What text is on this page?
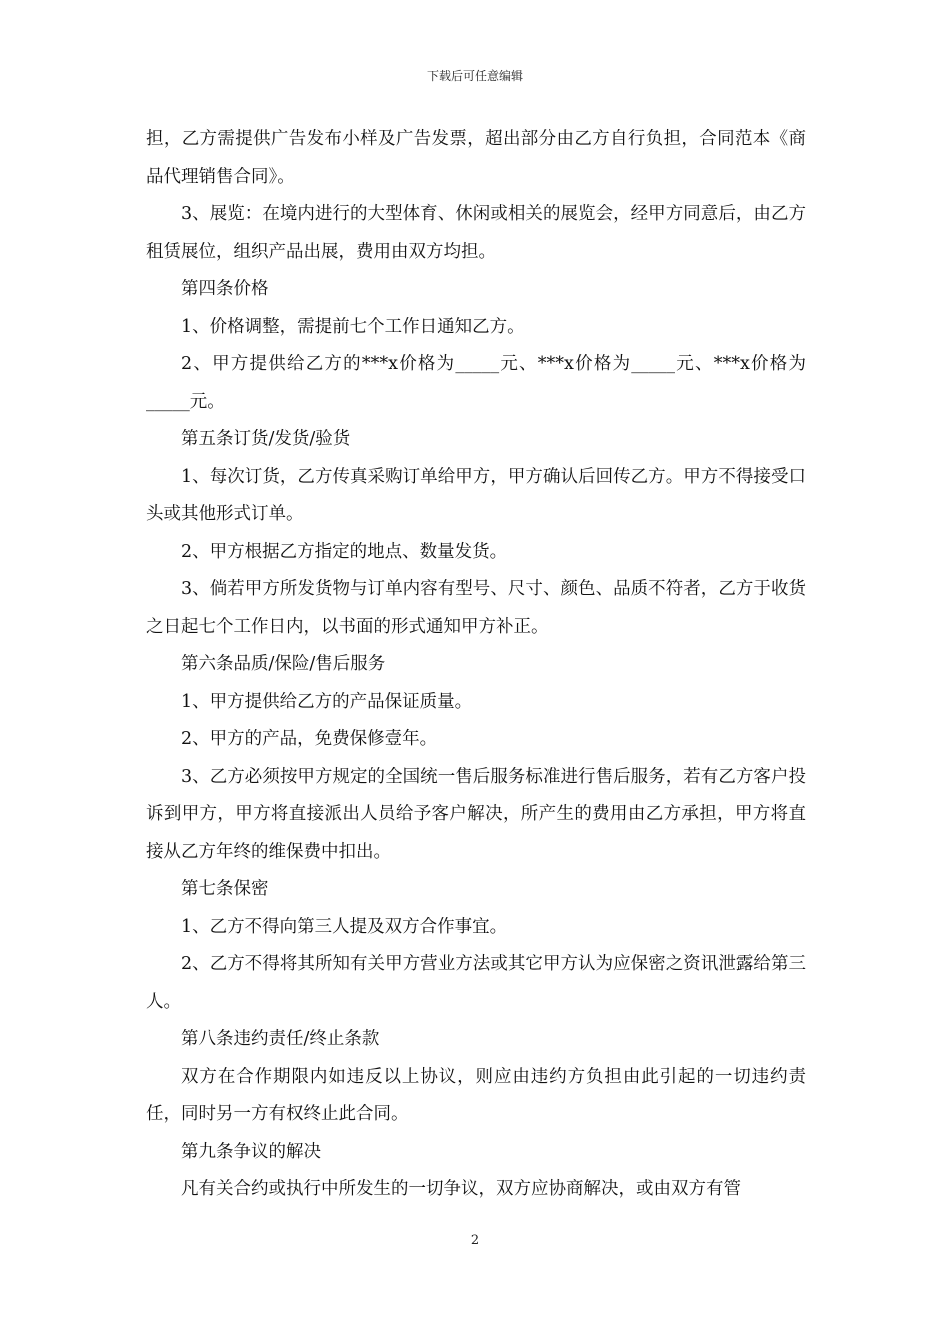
下载后可任意编辑

担，乙方需提供广告发布小样及广告发票，超出部分由乙方自行负担，合同范本《商品代理销售合同》。

3、展览：在境内进行的大型体育、休闲或相关的展览会，经甲方同意后，由乙方租赁展位，组织产品出展，费用由双方均担。

第四条价格

1、价格调整，需提前七个工作日通知乙方。

2、甲方提供给乙方的***x价格为_____元、***x价格为_____元、***x价格为_____元。

第五条订货/发货/验货

1、每次订货，乙方传真采购订单给甲方，甲方确认后回传乙方。甲方不得接受口头或其他形式订单。

2、甲方根据乙方指定的地点、数量发货。

3、倘若甲方所发货物与订单内容有型号、尺寸、颜色、品质不符者，乙方于收货之日起七个工作日内，以书面的形式通知甲方补正。

第六条品质/保险/售后服务

1、甲方提供给乙方的产品保证质量。

2、甲方的产品，免费保修壹年。

3、乙方必须按甲方规定的全国统一售后服务标准进行售后服务，若有乙方客户投诉到甲方，甲方将直接派出人员给予客户解决，所产生的费用由乙方承担，甲方将直接从乙方年终的维保费中扣出。

第七条保密

1、乙方不得向第三人提及双方合作事宜。

2、乙方不得将其所知有关甲方营业方法或其它甲方认为应保密之资讯泄露给第三人。

第八条违约责任/终止条款

双方在合作期限内如违反以上协议，则应由违约方负担由此引起的一切违约责任，同时另一方有权终止此合同。

第九条争议的解决

凡有关合约或执行中所发生的一切争议，双方应协商解决，或由双方有管

2
